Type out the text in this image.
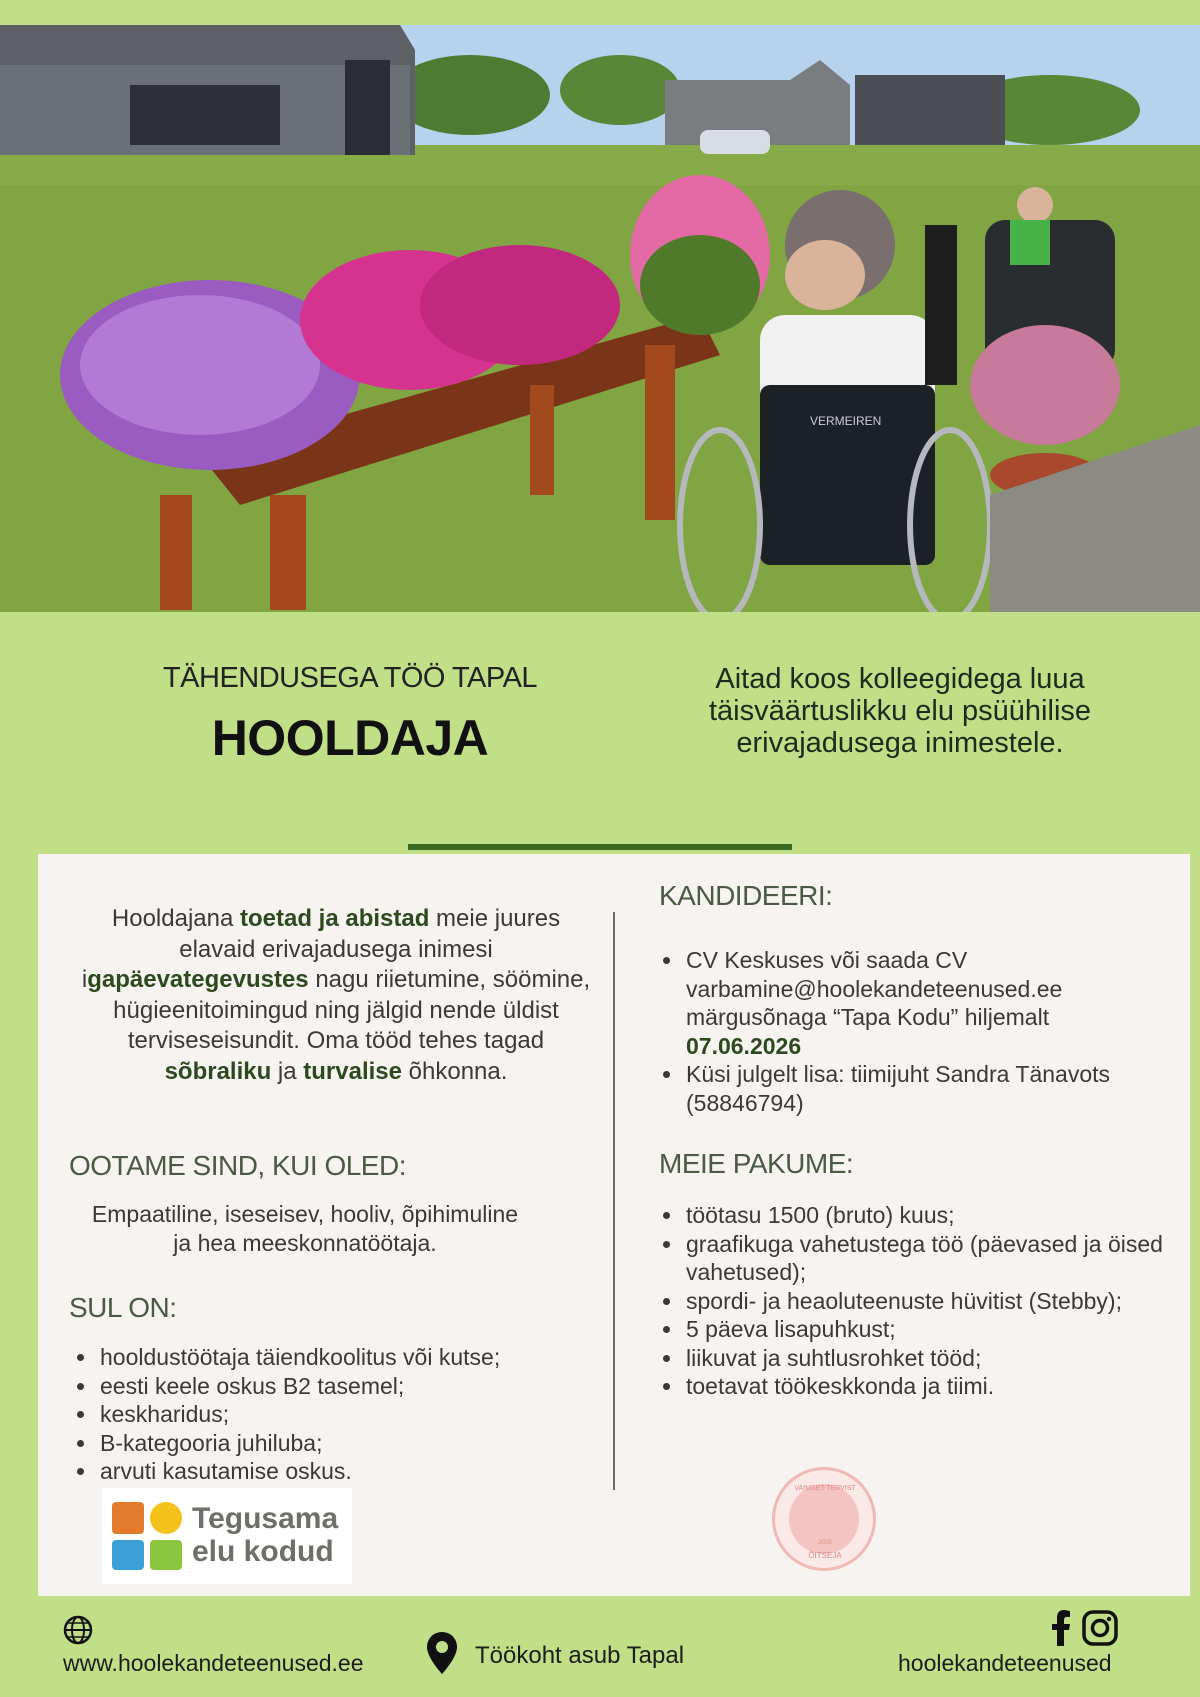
VERMEIREN
TÄHENDUSEGA TÖÖ TAPAL
HOOLDAJA
Aitad koos kolleegidega luua täisväärtuslikku elu psüühilise erivajadusega inimestele.
Hooldajana toetad ja abistad meie juures elavaid erivajadusega inimesi igapäevategevustes nagu riietumine, söömine, hügieenitoimingud ning jälgid nende üldist terviseseisundit. Oma tööd tehes tagad sõbraliku ja turvalise õhkonna.
OOTAME SIND, KUI OLED:
Empaatiline, iseseisev, hooliv, õpihimuline
ja hea meeskonnatöötaja.
SUL ON:
• hooldustöötaja täiendkoolitus või kutse;
• eesti keele oskus B2 tasemel;
• keskharidus;
• B-kategooria juhiluba;
• arvuti kasutamise oskus.
KANDIDEERI:
• CV Keskuses või saada CV varbamine@hoolekandeteenused.ee märgusõnaga “Tapa Kodu” hiljemalt 07.06.2026
• Küsi julgelt lisa: tiimijuht Sandra Tänavots (58846794)
MEIE PAKUME:
• töötasu 1500 (bruto) kuus;
• graafikuga vahetustega töö (päevased ja öised vahetused);
• spordi- ja heaoluteenuste hüvitist (Stebby);
• 5 päeva lisapuhkust;
• liikuvat ja suhtlusrohket tööd;
• toetavat töökeskkonda ja tiimi.
Tegusama
elu kodud
VAIMSET TERVIST
2025
ÕITSEJA
www.hoolekandeteenused.ee	Töökoht asub Tapal	hoolekandeteenused
